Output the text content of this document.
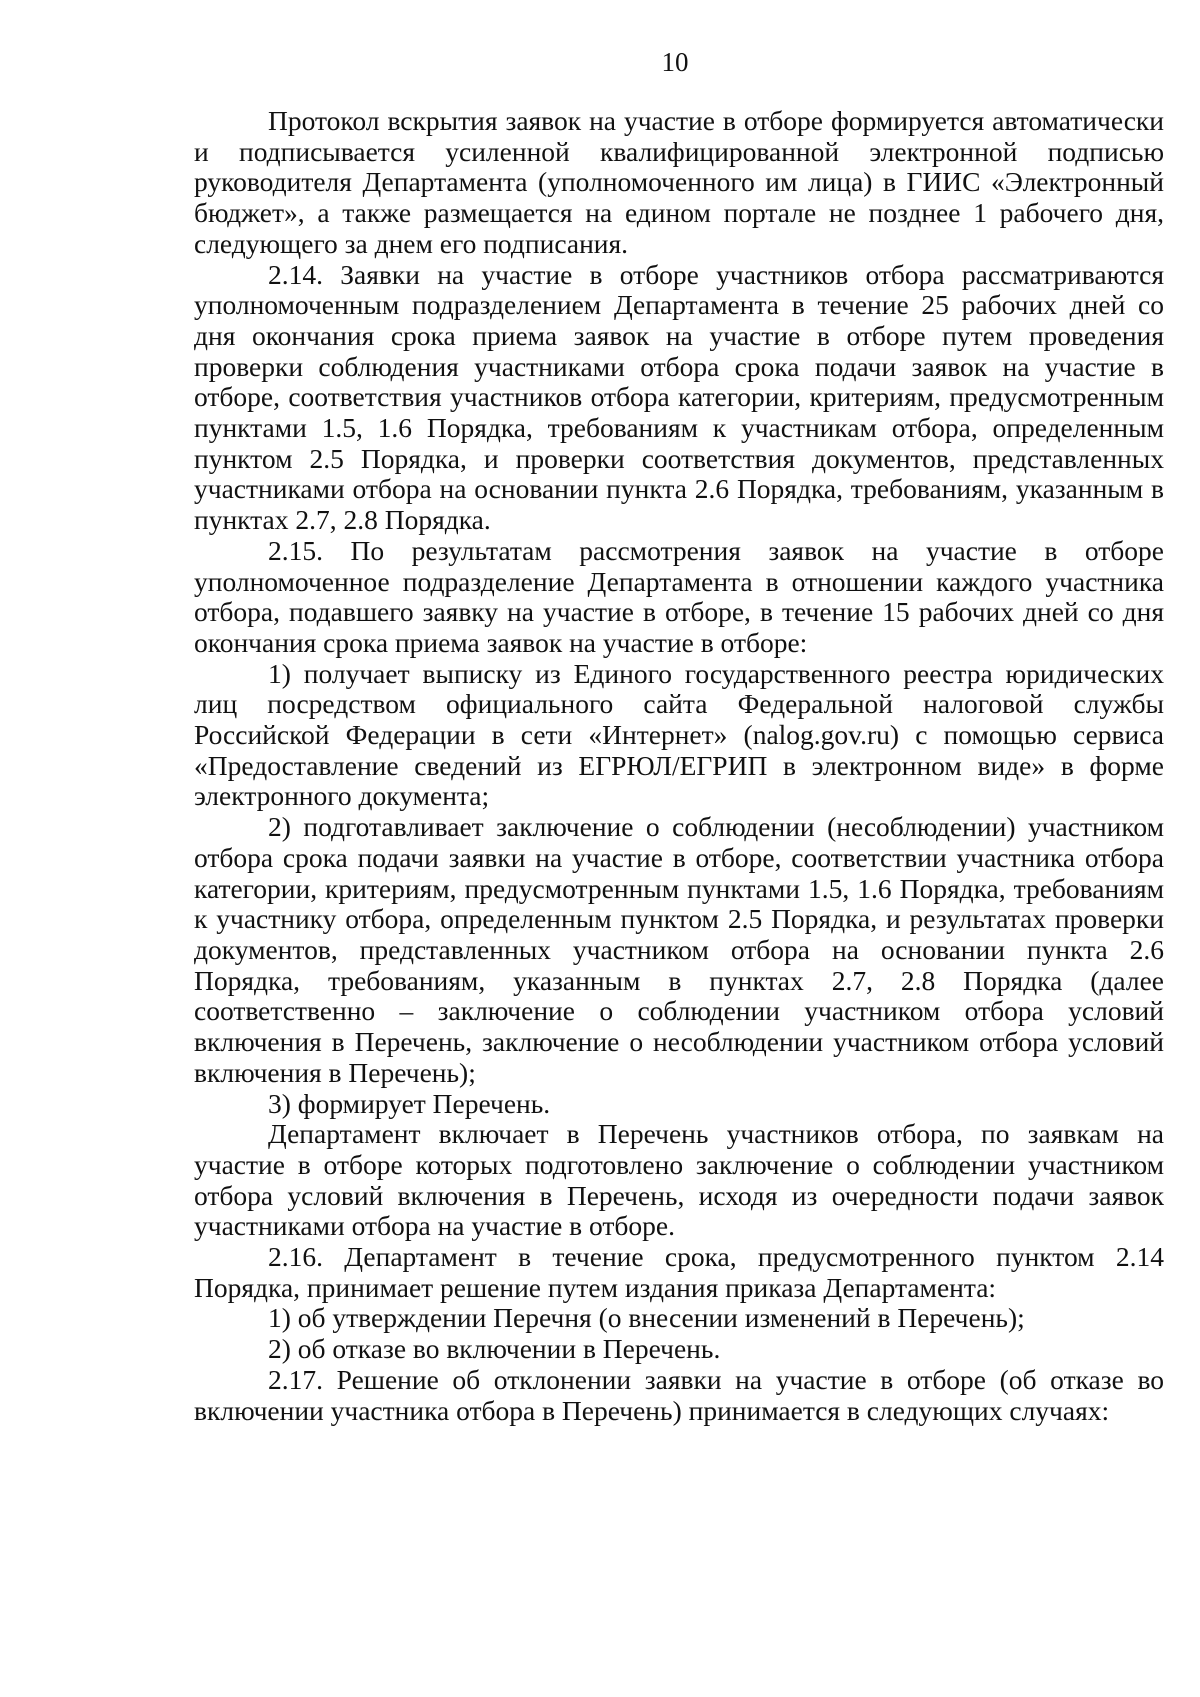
10

Протокол вскрытия заявок на участие в отборе формируется автоматически и подписывается усиленной квалифицированной электронной подписью руководителя Департамента (уполномоченного им лица) в ГИИС «Электронный бюджет», а также размещается на едином портале не позднее 1 рабочего дня, следующего за днем его подписания.

2.14. Заявки на участие в отборе участников отбора рассматриваются уполномоченным подразделением Департамента в течение 25 рабочих дней со дня окончания срока приема заявок на участие в отборе путем проведения проверки соблюдения участниками отбора срока подачи заявок на участие в отборе, соответствия участников отбора категории, критериям, предусмотренным пунктами 1.5, 1.6 Порядка, требованиям к участникам отбора, определенным пунктом 2.5 Порядка, и проверки соответствия документов, представленных участниками отбора на основании пункта 2.6 Порядка, требованиям, указанным в пунктах 2.7, 2.8 Порядка.

2.15. По результатам рассмотрения заявок на участие в отборе уполномоченное подразделение Департамента в отношении каждого участника отбора, подавшего заявку на участие в отборе, в течение 15 рабочих дней со дня окончания срока приема заявок на участие в отборе:

1) получает выписку из Единого государственного реестра юридических лиц посредством официального сайта Федеральной налоговой службы Российской Федерации в сети «Интернет» (nalog.gov.ru) с помощью сервиса «Предоставление сведений из ЕГРЮЛ/ЕГРИП в электронном виде» в форме электронного документа;

2) подготавливает заключение о соблюдении (несоблюдении) участником отбора срока подачи заявки на участие в отборе, соответствии участника отбора категории, критериям, предусмотренным пунктами 1.5, 1.6 Порядка, требованиям к участнику отбора, определенным пунктом 2.5 Порядка, и результатах проверки документов, представленных участником отбора на основании пункта 2.6 Порядка, требованиям, указанным в пунктах 2.7, 2.8 Порядка (далее соответственно – заключение о соблюдении участником отбора условий включения в Перечень, заключение о несоблюдении участником отбора условий включения в Перечень);

3) формирует Перечень.

Департамент включает в Перечень участников отбора, по заявкам на участие в отборе которых подготовлено заключение о соблюдении участником отбора условий включения в Перечень, исходя из очередности подачи заявок участниками отбора на участие в отборе.

2.16. Департамент в течение срока, предусмотренного пунктом 2.14 Порядка, принимает решение путем издания приказа Департамента:

1) об утверждении Перечня (о внесении изменений в Перечень);

2) об отказе во включении в Перечень.

2.17. Решение об отклонении заявки на участие в отборе (об отказе во включении участника отбора в Перечень) принимается в следующих случаях:
